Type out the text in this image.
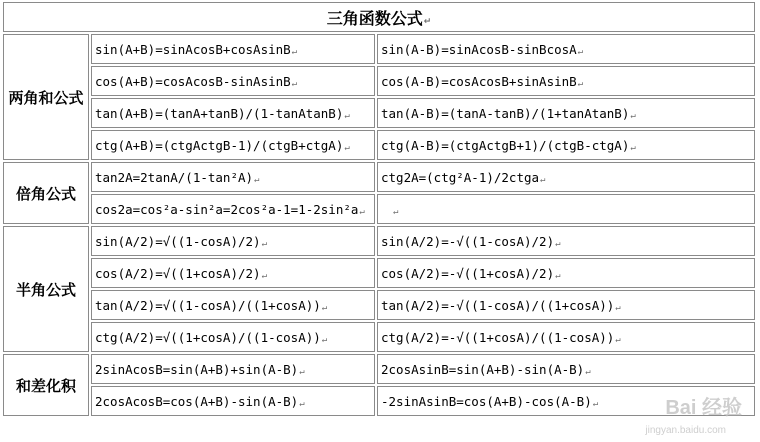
三角函数公式↵		
两角和公式	sin(A+B)=sinAcosB+cosAsinB↵	sin(A-B)=sinAcosB-sinBcosA↵
	cos(A+B)=cosAcosB-sinAsinB↵	cos(A-B)=cosAcosB+sinAsinB↵
	tan(A+B)=(tanA+tanB)/(1-tanAtanB)↵	tan(A-B)=(tanA-tanB)/(1+tanAtanB)↵
	ctg(A+B)=(ctgActgB-1)/(ctgB+ctgA)↵	ctg(A-B)=(ctgActgB+1)/(ctgB-ctgA)↵
倍角公式	tan2A=2tanA/(1-tan²A)↵	ctg2A=(ctg²A-1)/2ctga↵
	cos2a=cos²a-sin²a=2cos²a-1=1-2sin²a↵	↵
半角公式	sin(A/2)=√((1-cosA)/2)↵	sin(A/2)=-√((1-cosA)/2)↵
	cos(A/2)=√((1+cosA)/2)↵	cos(A/2)=-√((1+cosA)/2)↵
	tan(A/2)=√((1-cosA)/((1+cosA))↵	tan(A/2)=-√((1-cosA)/((1+cosA))↵
	ctg(A/2)=√((1+cosA)/((1-cosA))↵	ctg(A/2)=-√((1+cosA)/((1-cosA))↵
和差化积	2sinAcosB=sin(A+B)+sin(A-B)↵	2cosAsinB=sin(A+B)-sin(A-B)↵
	2cosAcosB=cos(A+B)-sin(A-B)↵	-2sinAsinB=cos(A+B)-cos(A-B)↵	Bai 经验
jingyan.baidu.com
